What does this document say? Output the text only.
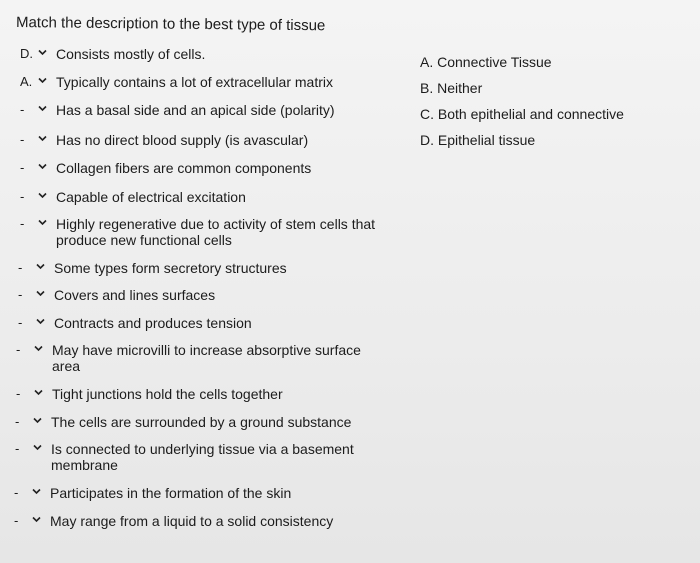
Match the description to the best type of tissue
D. Consists mostly of cells.
A. Typically contains a lot of extracellular matrix
-	Has a basal side and an apical side (polarity)
-	Has no direct blood supply (is avascular)
-	Collagen fibers are common components
-	Capable of electrical excitation
-	Highly regenerative due to activity of stem cells that produce new functional cells
-	Some types form secretory structures
-	Covers and lines surfaces
-	Contracts and produces tension
-	May have microvilli to increase absorptive surface area
-	Tight junctions hold the cells together
-	The cells are surrounded by a ground substance
-	Is connected to underlying tissue via a basement membrane
-	Participates in the formation of the skin
-	May range from a liquid to a solid consistency
A. Connective Tissue
B. Neither
C. Both epithelial and connective
D. Epithelial tissue
